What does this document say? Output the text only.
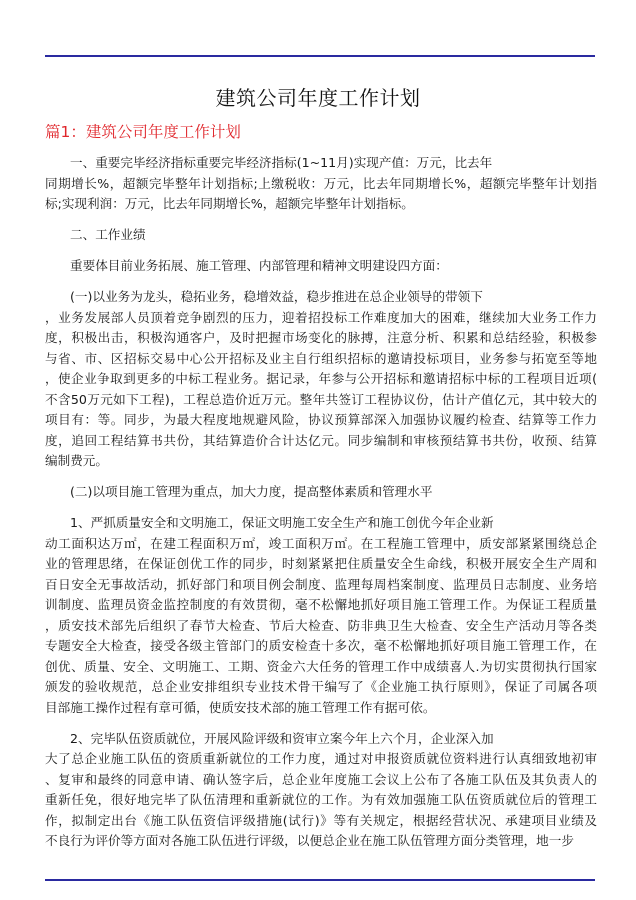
建筑公司年度工作计划
篇1：建筑公司年度工作计划
一、重要完毕经济指标重要完毕经济指标(1~11月)实现产值：万元，比去年
同期增长%，超额完毕整年计划指标;上缴税收：万元，比去年同期增长%，超额完毕整年计划指
标;实现利润：万元，比去年同期增长%，超额完毕整年计划指标。
二、工作业绩
重要体目前业务拓展、施工管理、内部管理和精神文明建设四方面：
(一)以业务为龙头，稳拓业务，稳增效益，稳步推进在总企业领导的带领下
，业务发展部人员顶着竞争剧烈的压力，迎着招投标工作难度加大的困难，继续加大业务工作力
度，积极出击，积极沟通客户，及时把握市场变化的脉搏，注意分析、积累和总结经验，积极参
与省、市、区招标交易中心公开招标及业主自行组织招标的邀请投标项目，业务参与拓宽至等地
，使企业争取到更多的中标工程业务。据记录，年参与公开招标和邀请招标中标的工程项目近项(
不含50万元如下工程)，工程总造价近万元。整年共签订工程协议份，估计产值亿元，其中较大的
项目有：等。同步，为最大程度地规避风险，协议预算部深入加强协议履约检查、结算等工作力
度，追回工程结算书共份，其结算造价合计达亿元。同步编制和审核预结算书共份，收预、结算
编制费元。
(二)以项目施工管理为重点，加大力度，提高整体素质和管理水平
1、严抓质量安全和文明施工，保证文明施工安全生产和施工创优今年企业新
动工面积达万㎡，在建工程面积万㎡，竣工面积万㎡。在工程施工管理中，质安部紧紧围绕总企
业的管理思绪，在保证创优工作的同步，时刻紧紧把住质量安全生命线，积极开展安全生产周和
百日安全无事故活动，抓好部门和项目例会制度、监理每周档案制度、监理员日志制度、业务培
训制度、监理员资金监控制度的有效贯彻，毫不松懈地抓好项目施工管理工作。为保证工程质量
，质安技术部先后组织了春节大检查、节后大检查、防非典卫生大检查、安全生产活动月等各类
专题安全大检查，接受各级主管部门的质安检查十多次，毫不松懈地抓好项目施工管理工作，在
创优、质量、安全、文明施工、工期、资金六大任务的管理工作中成绩喜人.为切实贯彻执行国家
颁发的验收规范，总企业安排组织专业技术骨干编写了《企业施工执行原则》，保证了司属各项
目部施工操作过程有章可循，使质安技术部的施工管理工作有据可依。
2、完毕队伍资质就位，开展风险评级和资审立案今年上六个月，企业深入加
大了总企业施工队伍的资质重新就位的工作力度，通过对申报资质就位资料进行认真细致地初审
、复审和最终的同意申请、确认签字后，总企业年度施工会议上公布了各施工队伍及其负责人的
重新任免，很好地完毕了队伍清理和重新就位的工作。为有效加强施工队伍资质就位后的管理工
作，拟制定出台《施工队伍资信评级措施(试行)》等有关规定，根据经营状况、承建项目业绩及
不良行为评价等方面对各施工队伍进行评级，以便总企业在施工队伍管理方面分类管理，地一步
